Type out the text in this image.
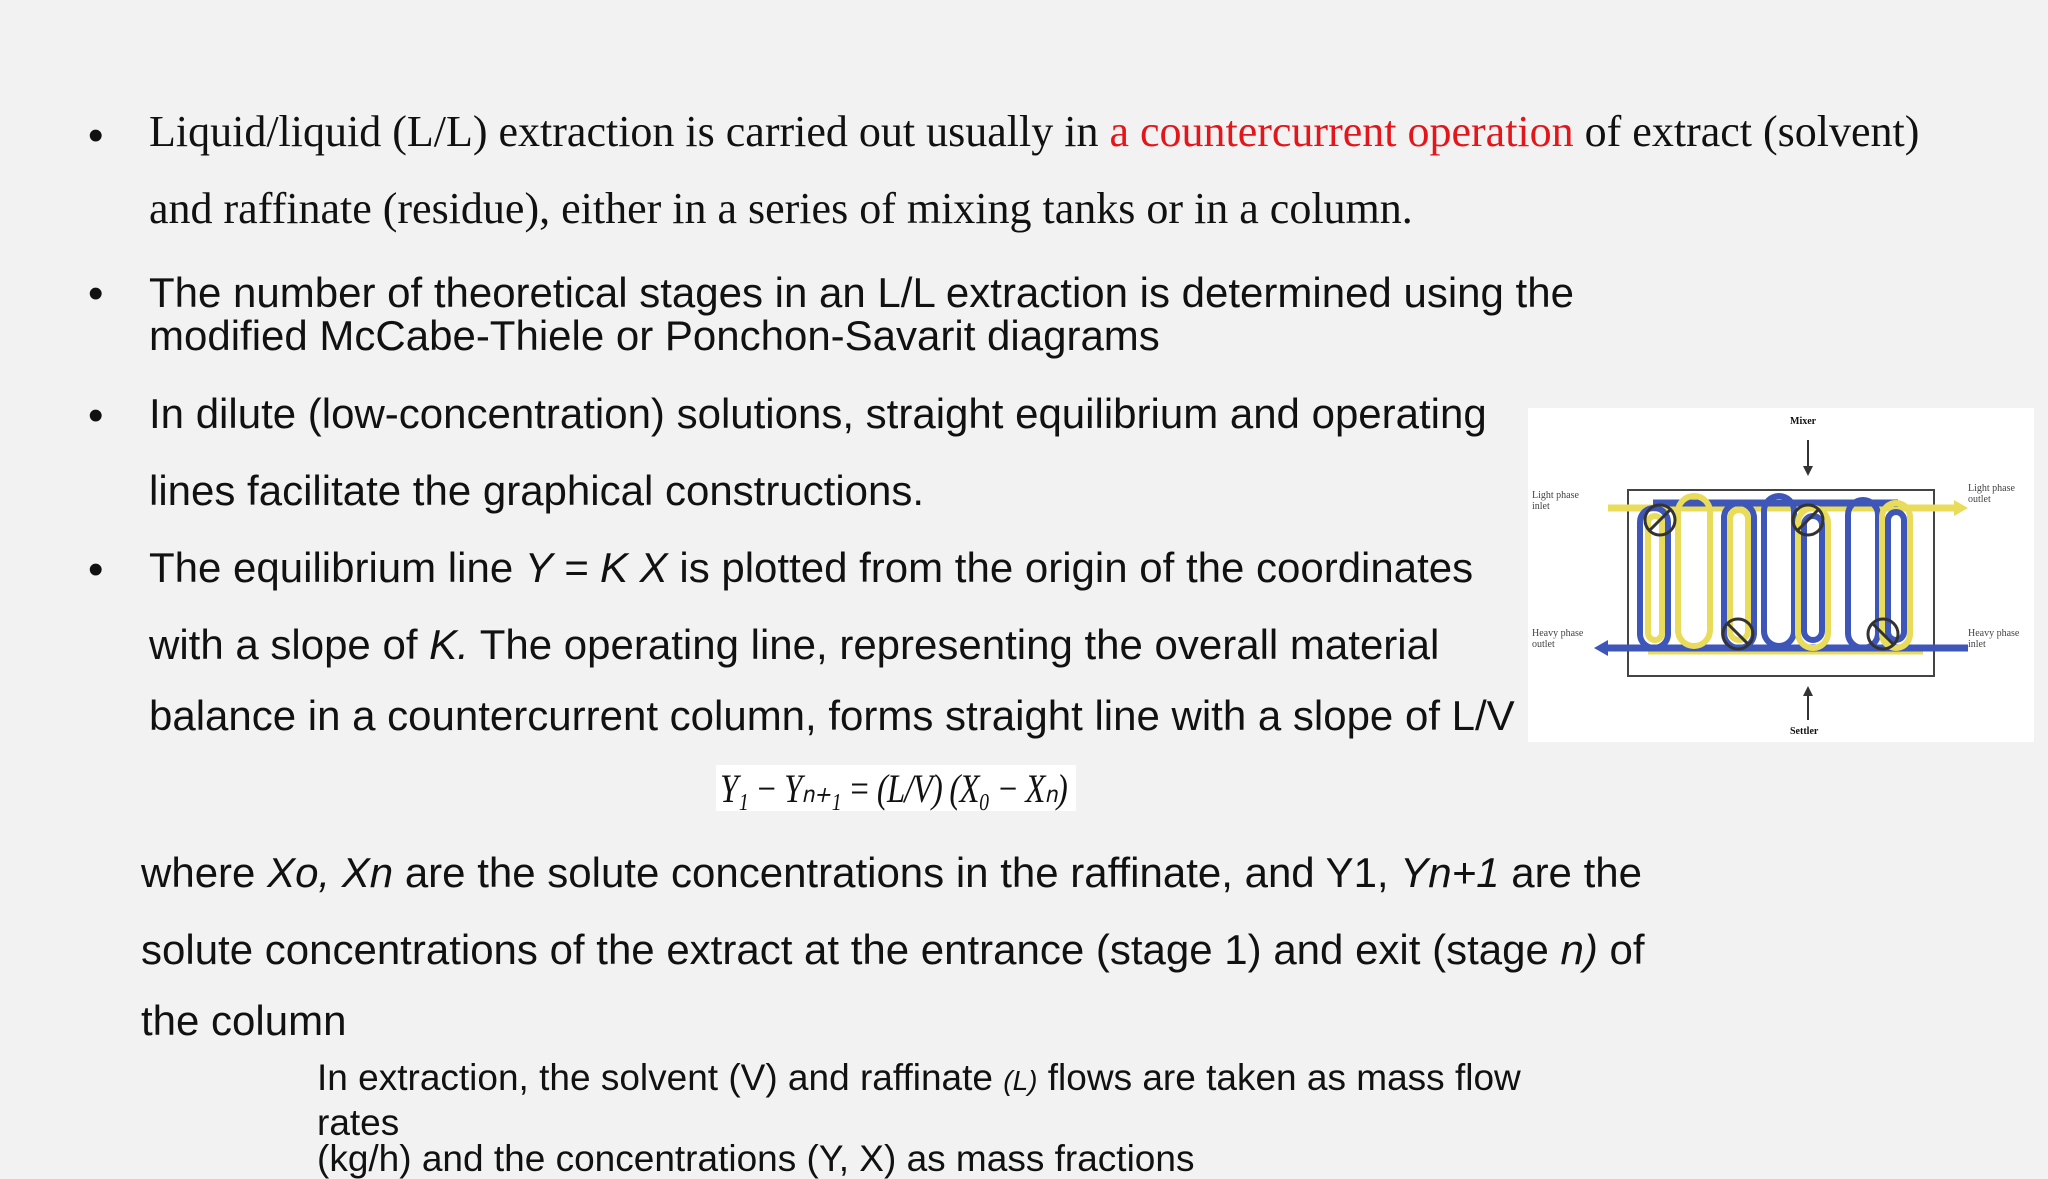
• Liquid/liquid (L/L) extraction is carried out usually in a countercurrent operation of extract (solvent)
and raffinate (residue), either in a series of mixing tanks or in a column.
• The number of theoretical stages in an L/L extraction is determined using the
modified McCabe-Thiele or Ponchon-Savarit diagrams
• In dilute (low-concentration) solutions, straight equilibrium and operating
lines facilitate the graphical constructions.
• The equilibrium line Y = K X is plotted from the origin of the coordinates
with a slope of K. The operating line, representing the overall material
balance in a countercurrent column, forms straight line with a slope of L/V
Mixer
Settler
Light phase inlet
Light phase outlet
Heavy phase outlet
Heavy phase inlet
Y₁ − Yₙ₊₁ = (L/V) (X₀ − Xₙ)
where Xo, Xn are the solute concentrations in the raffinate, and Y1, Yn+1 are the
solute concentrations of the extract at the entrance (stage 1) and exit (stage n) of
the column
In extraction, the solvent (V) and raffinate (L) flows are taken as mass flow
rates
(kg/h) and the concentrations (Y, X) as mass fractions
